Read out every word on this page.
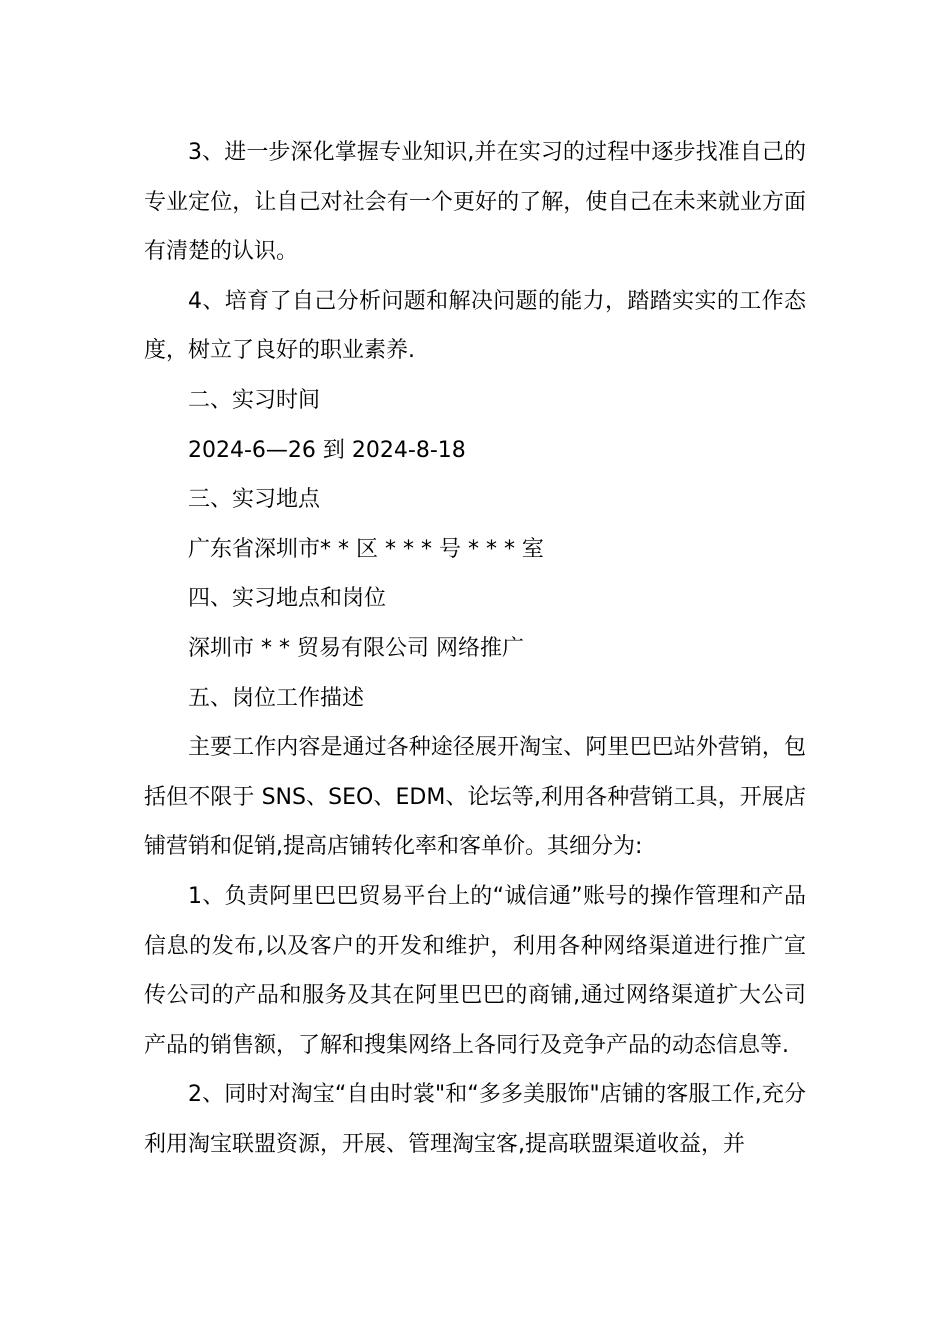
3、进一步深化掌握专业知识,并在实习的过程中逐步找准自己的专业定位，让自己对社会有一个更好的了解，使自己在未来就业方面有清楚的认识。

4、培育了自己分析问题和解决问题的能力，踏踏实实的工作态度，树立了良好的职业素养.

二、实习时间

2024-6—26 到 2024-8-18

三、实习地点

广东省深圳市* * 区 * * * 号 * * * 室

四、实习地点和岗位

深圳市 * * 贸易有限公司 网络推广

五、岗位工作描述

主要工作内容是通过各种途径展开淘宝、阿里巴巴站外营销，包括但不限于 SNS、SEO、EDM、论坛等,利用各种营销工具，开展店铺营销和促销,提高店铺转化率和客单价。其细分为:

1、负责阿里巴巴贸易平台上的“诚信通”账号的操作管理和产品信息的发布,以及客户的开发和维护，利用各种网络渠道进行推广宣传公司的产品和服务及其在阿里巴巴的商铺,通过网络渠道扩大公司产品的销售额，了解和搜集网络上各同行及竞争产品的动态信息等.

2、同时对淘宝“自由时裳"和“多多美服饰"店铺的客服工作,充分利用淘宝联盟资源，开展、管理淘宝客,提高联盟渠道收益，并
